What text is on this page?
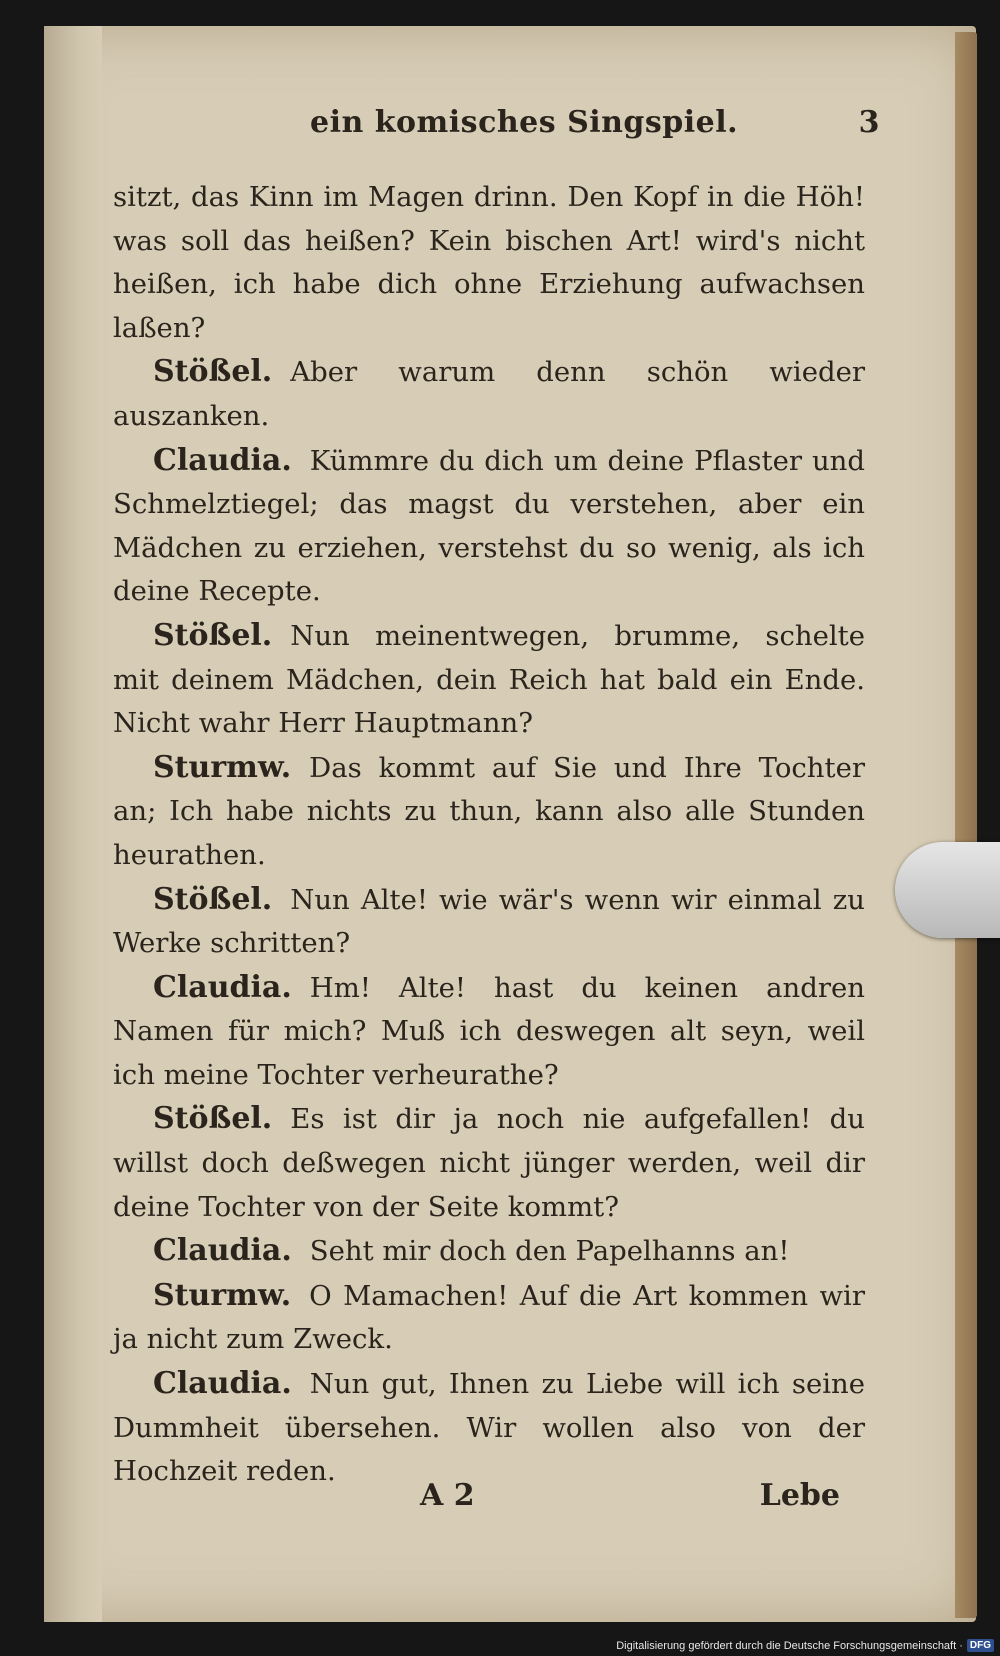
ein komisches Singspiel.	3

sitzt, das Kinn im Magen drinn. Den Kopf in die Höh! was soll das heißen? Kein bischen Art! wird's nicht heißen, ich habe dich ohne Erziehung aufwachsen laßen?

Stößel. Aber warum denn schön wieder auszanken.

Claudia. Kümmre du dich um deine Pflaster und Schmelztiegel; das magst du verstehen, aber ein Mädchen zu erziehen, verstehst du so wenig, als ich deine Recepte.

Stößel. Nun meinentwegen, brumme, schelte mit deinem Mädchen, dein Reich hat bald ein Ende. Nicht wahr Herr Hauptmann?

Sturmw. Das kommt auf Sie und Ihre Tochter an; Ich habe nichts zu thun, kann also alle Stunden heurathen.

Stößel. Nun Alte! wie wär's wenn wir einmal zu Werke schritten?

Claudia. Hm! Alte! hast du keinen andren Namen für mich? Muß ich deswegen alt seyn, weil ich meine Tochter verheurathe?

Stößel. Es ist dir ja noch nie aufgefallen! du willst doch deßwegen nicht jünger werden, weil dir deine Tochter von der Seite kommt?

Claudia. Seht mir doch den Papelhanns an!

Sturmw. O Mamachen! Auf die Art kommen wir ja nicht zum Zweck.

Claudia. Nun gut, Ihnen zu Liebe will ich seine Dummheit übersehen. Wir wollen also von der Hochzeit reden.

A 2	Lebe
Digitalisierung gefördert durch die Deutsche Forschungsgemeinschaft · DFG
